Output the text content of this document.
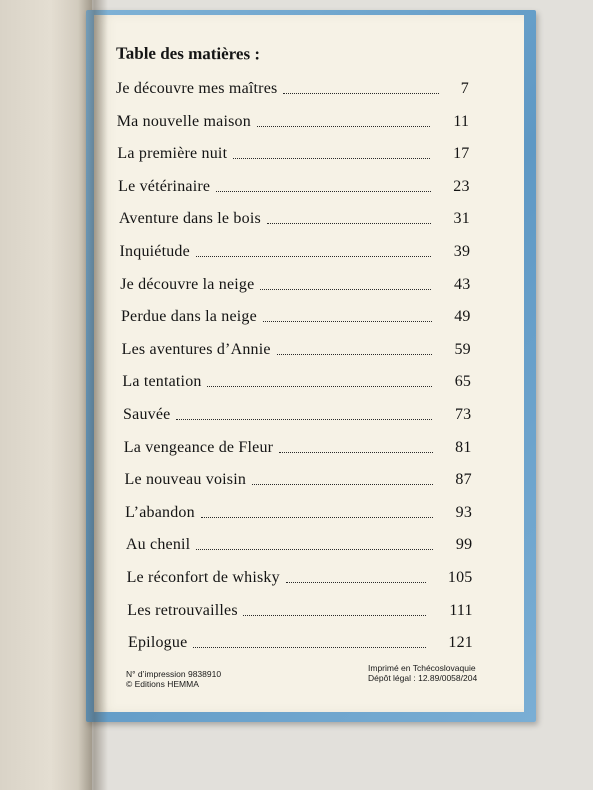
Table des matières :
Je découvre mes maîtres	7
Ma nouvelle maison	11
La première nuit	17
Le vétérinaire	23
Aventure dans le bois	31
Inquiétude	39
Je découvre la neige	43
Perdue dans la neige	49
Les aventures d’Annie	59
La tentation	65
Sauvée	73
La vengeance de Fleur	81
Le nouveau voisin	87
L’abandon	93
Au chenil	99
Le réconfort de whisky	105
Les retrouvailles	111
Epilogue	121
N° d’impression 9838910
© Editions HEMMA
Imprimé en Tchécoslovaquie
Dépôt légal : 12.89/0058/204
